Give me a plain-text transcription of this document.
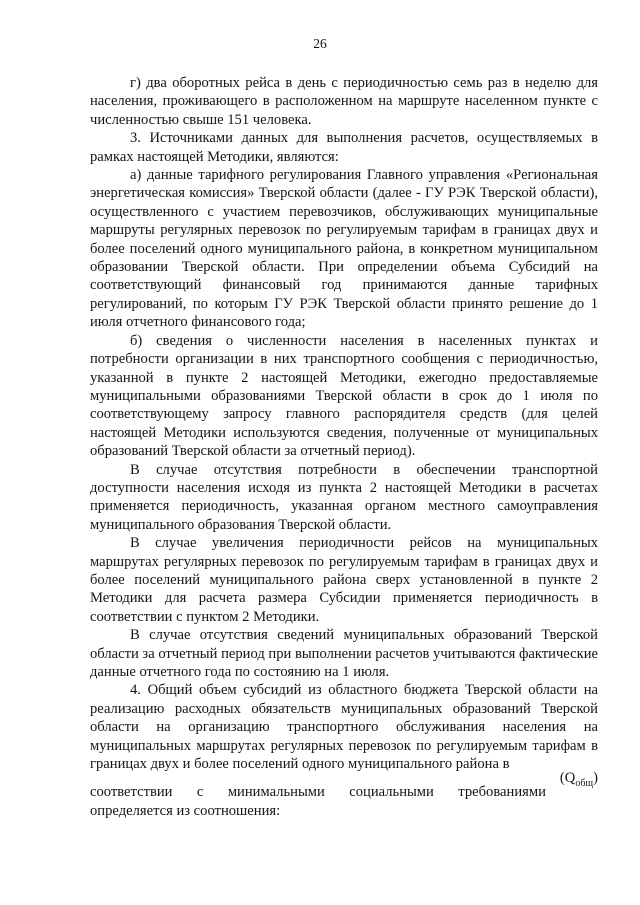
26

г) два оборотных рейса в день с периодичностью семь раз в неделю для населения, проживающего в расположенном на маршруте населенном пункте с численностью свыше 151 человека.

3. Источниками данных для выполнения расчетов, осуществляемых в рамках настоящей Методики, являются:

а) данные тарифного регулирования Главного управления «Региональная энергетическая комиссия» Тверской области (далее - ГУ РЭК Тверской области), осуществленного с участием перевозчиков, обслуживающих муниципальные маршруты регулярных перевозок по регулируемым тарифам в границах двух и более поселений одного муниципального района, в конкретном муниципальном образовании Тверской области. При определении объема Субсидий на соответствующий финансовый год принимаются данные тарифных регулирований, по которым ГУ РЭК Тверской области принято решение до 1 июля отчетного финансового года;

б) сведения о численности населения в населенных пунктах и потребности организации в них транспортного сообщения с периодичностью, указанной в пункте 2 настоящей Методики, ежегодно предоставляемые муниципальными образованиями Тверской области в срок до 1 июля по соответствующему запросу главного распорядителя средств (для целей настоящей Методики используются сведения, полученные от муниципальных образований Тверской области за отчетный период).

В случае отсутствия потребности в обеспечении транспортной доступности населения исходя из пункта 2 настоящей Методики в расчетах применяется периодичность, указанная органом местного самоуправления муниципального образования Тверской области.

В случае увеличения периодичности рейсов на муниципальных маршрутах регулярных перевозок по регулируемым тарифам в границах двух и более поселений муниципального района сверх установленной в пункте 2 Методики для расчета размера Субсидии применяется периодичность в соответствии с пунктом 2 Методики.

В случае отсутствия сведений муниципальных образований Тверской области за отчетный период при выполнении расчетов учитываются фактические данные отчетного года по состоянию на 1 июля.

4. Общий объем субсидий из областного бюджета Тверской области на реализацию расходных обязательств муниципальных образований Тверской области на организацию транспортного обслуживания населения на муниципальных маршрутах регулярных перевозок по регулируемым тарифам в границах двух и более поселений одного муниципального района в

соответствии с минимальными социальными требованиями
$(Q_{общ})$

определяется из соотношения:
